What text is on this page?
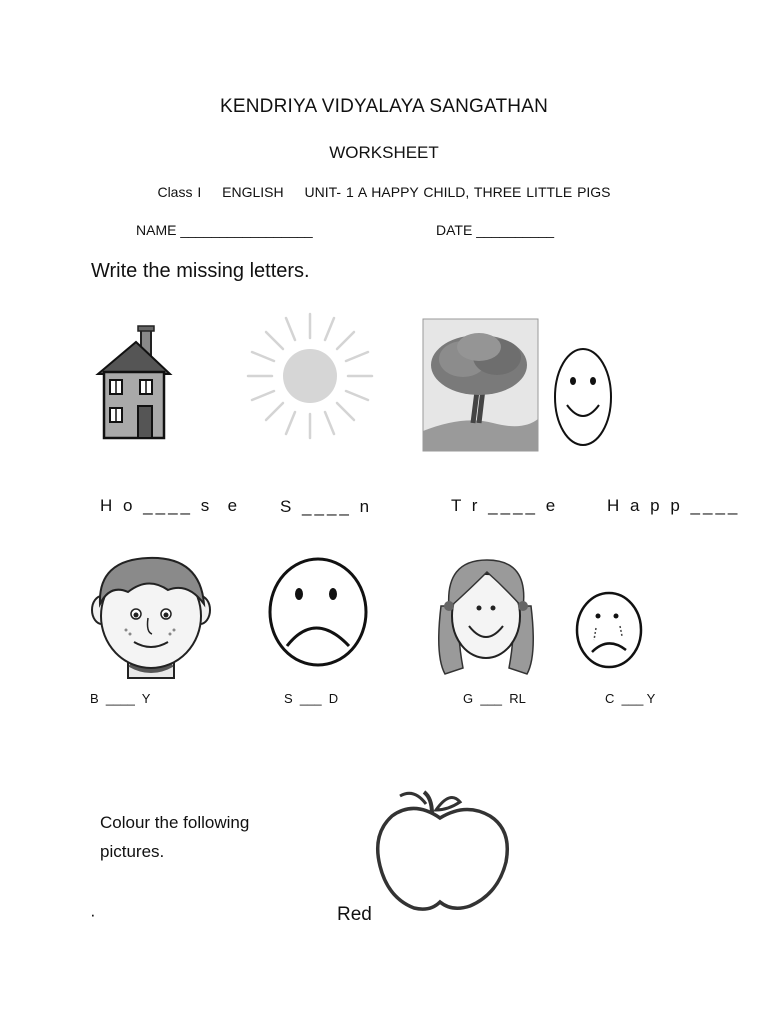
KENDRIYA VIDYALAYA SANGATHAN
WORKSHEET
Class I ENGLISH UNIT- 1 A HAPPY CHILD, THREE LITTLE PIGS
NAME _________________	DATE __________
Write the missing letters.
H o ____ s  e S ____ n	T r ____ e	H a p p ____
B  ____  Y	S  ___  D	G  ___  RL	C  ___ Y
Colour the following pictures.
·	Red
